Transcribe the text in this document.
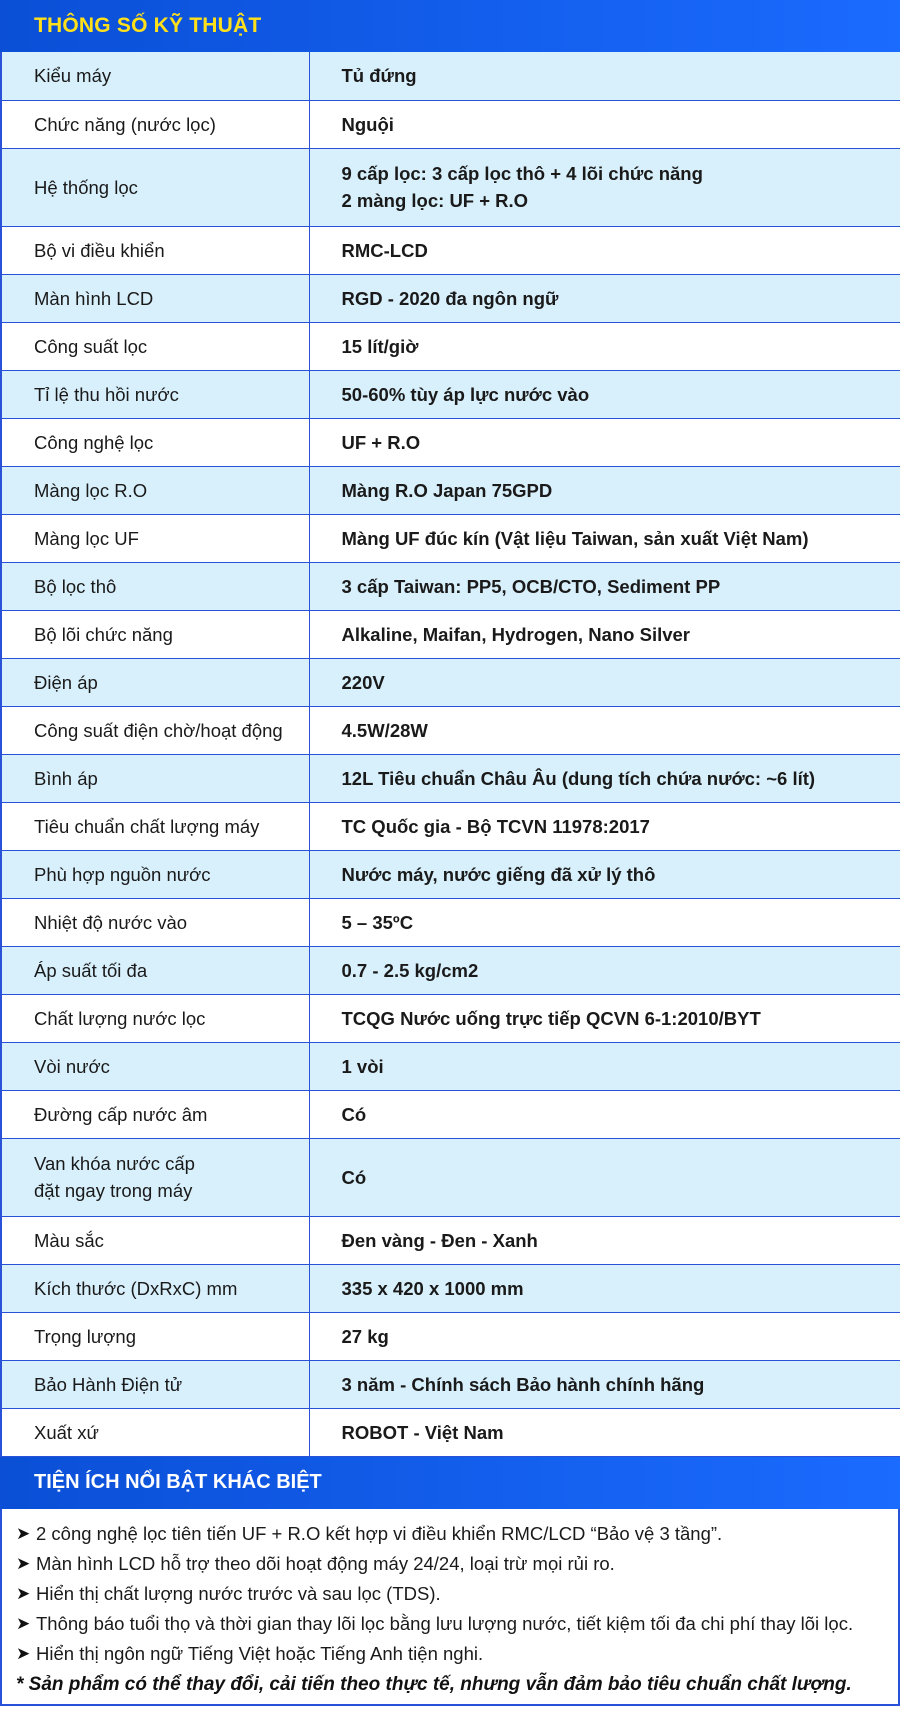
THÔNG SỐ KỸ THUẬT
Kiểu máy	Tủ đứng
Chức năng (nước lọc)	Nguội
Hệ thống lọc	9 cấp lọc: 3 cấp lọc thô + 4 lõi chức năng
2 màng lọc: UF + R.O

Bộ vi điều khiển	RMC-LCD
Màn hình LCD	RGD - 2020 đa ngôn ngữ
Công suất lọc	15 lít/giờ
Tỉ lệ thu hồi nước	50-60% tùy áp lực nước vào
Công nghệ lọc	UF + R.O
Màng lọc R.O	Màng R.O Japan 75GPD
Màng lọc UF	Màng UF đúc kín (Vật liệu Taiwan, sản xuất Việt Nam)
Bộ lọc thô	3 cấp Taiwan: PP5, OCB/CTO, Sediment PP
Bộ lõi chức năng	Alkaline, Maifan, Hydrogen, Nano Silver
Điện áp	220V
Công suất điện chờ/hoạt động	4.5W/28W
Bình áp	12L Tiêu chuẩn Châu Âu (dung tích chứa nước: ~6 lít)
Tiêu chuẩn chất lượng máy	TC Quốc gia - Bộ TCVN 11978:2017
Phù hợp nguồn nước	Nước máy, nước giếng đã xử lý thô
Nhiệt độ nước vào	5 – 35ºC
Áp suất tối đa	0.7 - 2.5 kg/cm2
Chất lượng nước lọc	TCQG Nước uống trực tiếp QCVN 6-1:2010/BYT
Vòi nước	1 vòi
Đường cấp nước âm	Có

Van khóa nước cấp
đặt ngay trong máy	Có
Màu sắc	Đen vàng - Đen - Xanh
Kích thước (DxRxC) mm	335 x 420 x 1000 mm
Trọng lượng	27 kg
Bảo Hành Điện tử	3 năm - Chính sách Bảo hành chính hãng
Xuất xứ	ROBOT - Việt Nam
TIỆN ÍCH NỔI BẬT KHÁC BIỆT
➤ 2 công nghệ lọc tiên tiến UF + R.O kết hợp vi điều khiển RMC/LCD “Bảo vệ 3 tầng”.
➤ Màn hình LCD hỗ trợ theo dõi hoạt động máy 24/24, loại trừ mọi rủi ro.
➤ Hiển thị chất lượng nước trước và sau lọc (TDS).
➤ Thông báo tuổi thọ và thời gian thay lõi lọc bằng lưu lượng nước, tiết kiệm tối đa chi phí thay lõi lọc.
➤ Hiển thị ngôn ngữ Tiếng Việt hoặc Tiếng Anh tiện nghi.
* Sản phẩm có thể thay đổi, cải tiến theo thực tế, nhưng vẫn đảm bảo tiêu chuẩn chất lượng.
